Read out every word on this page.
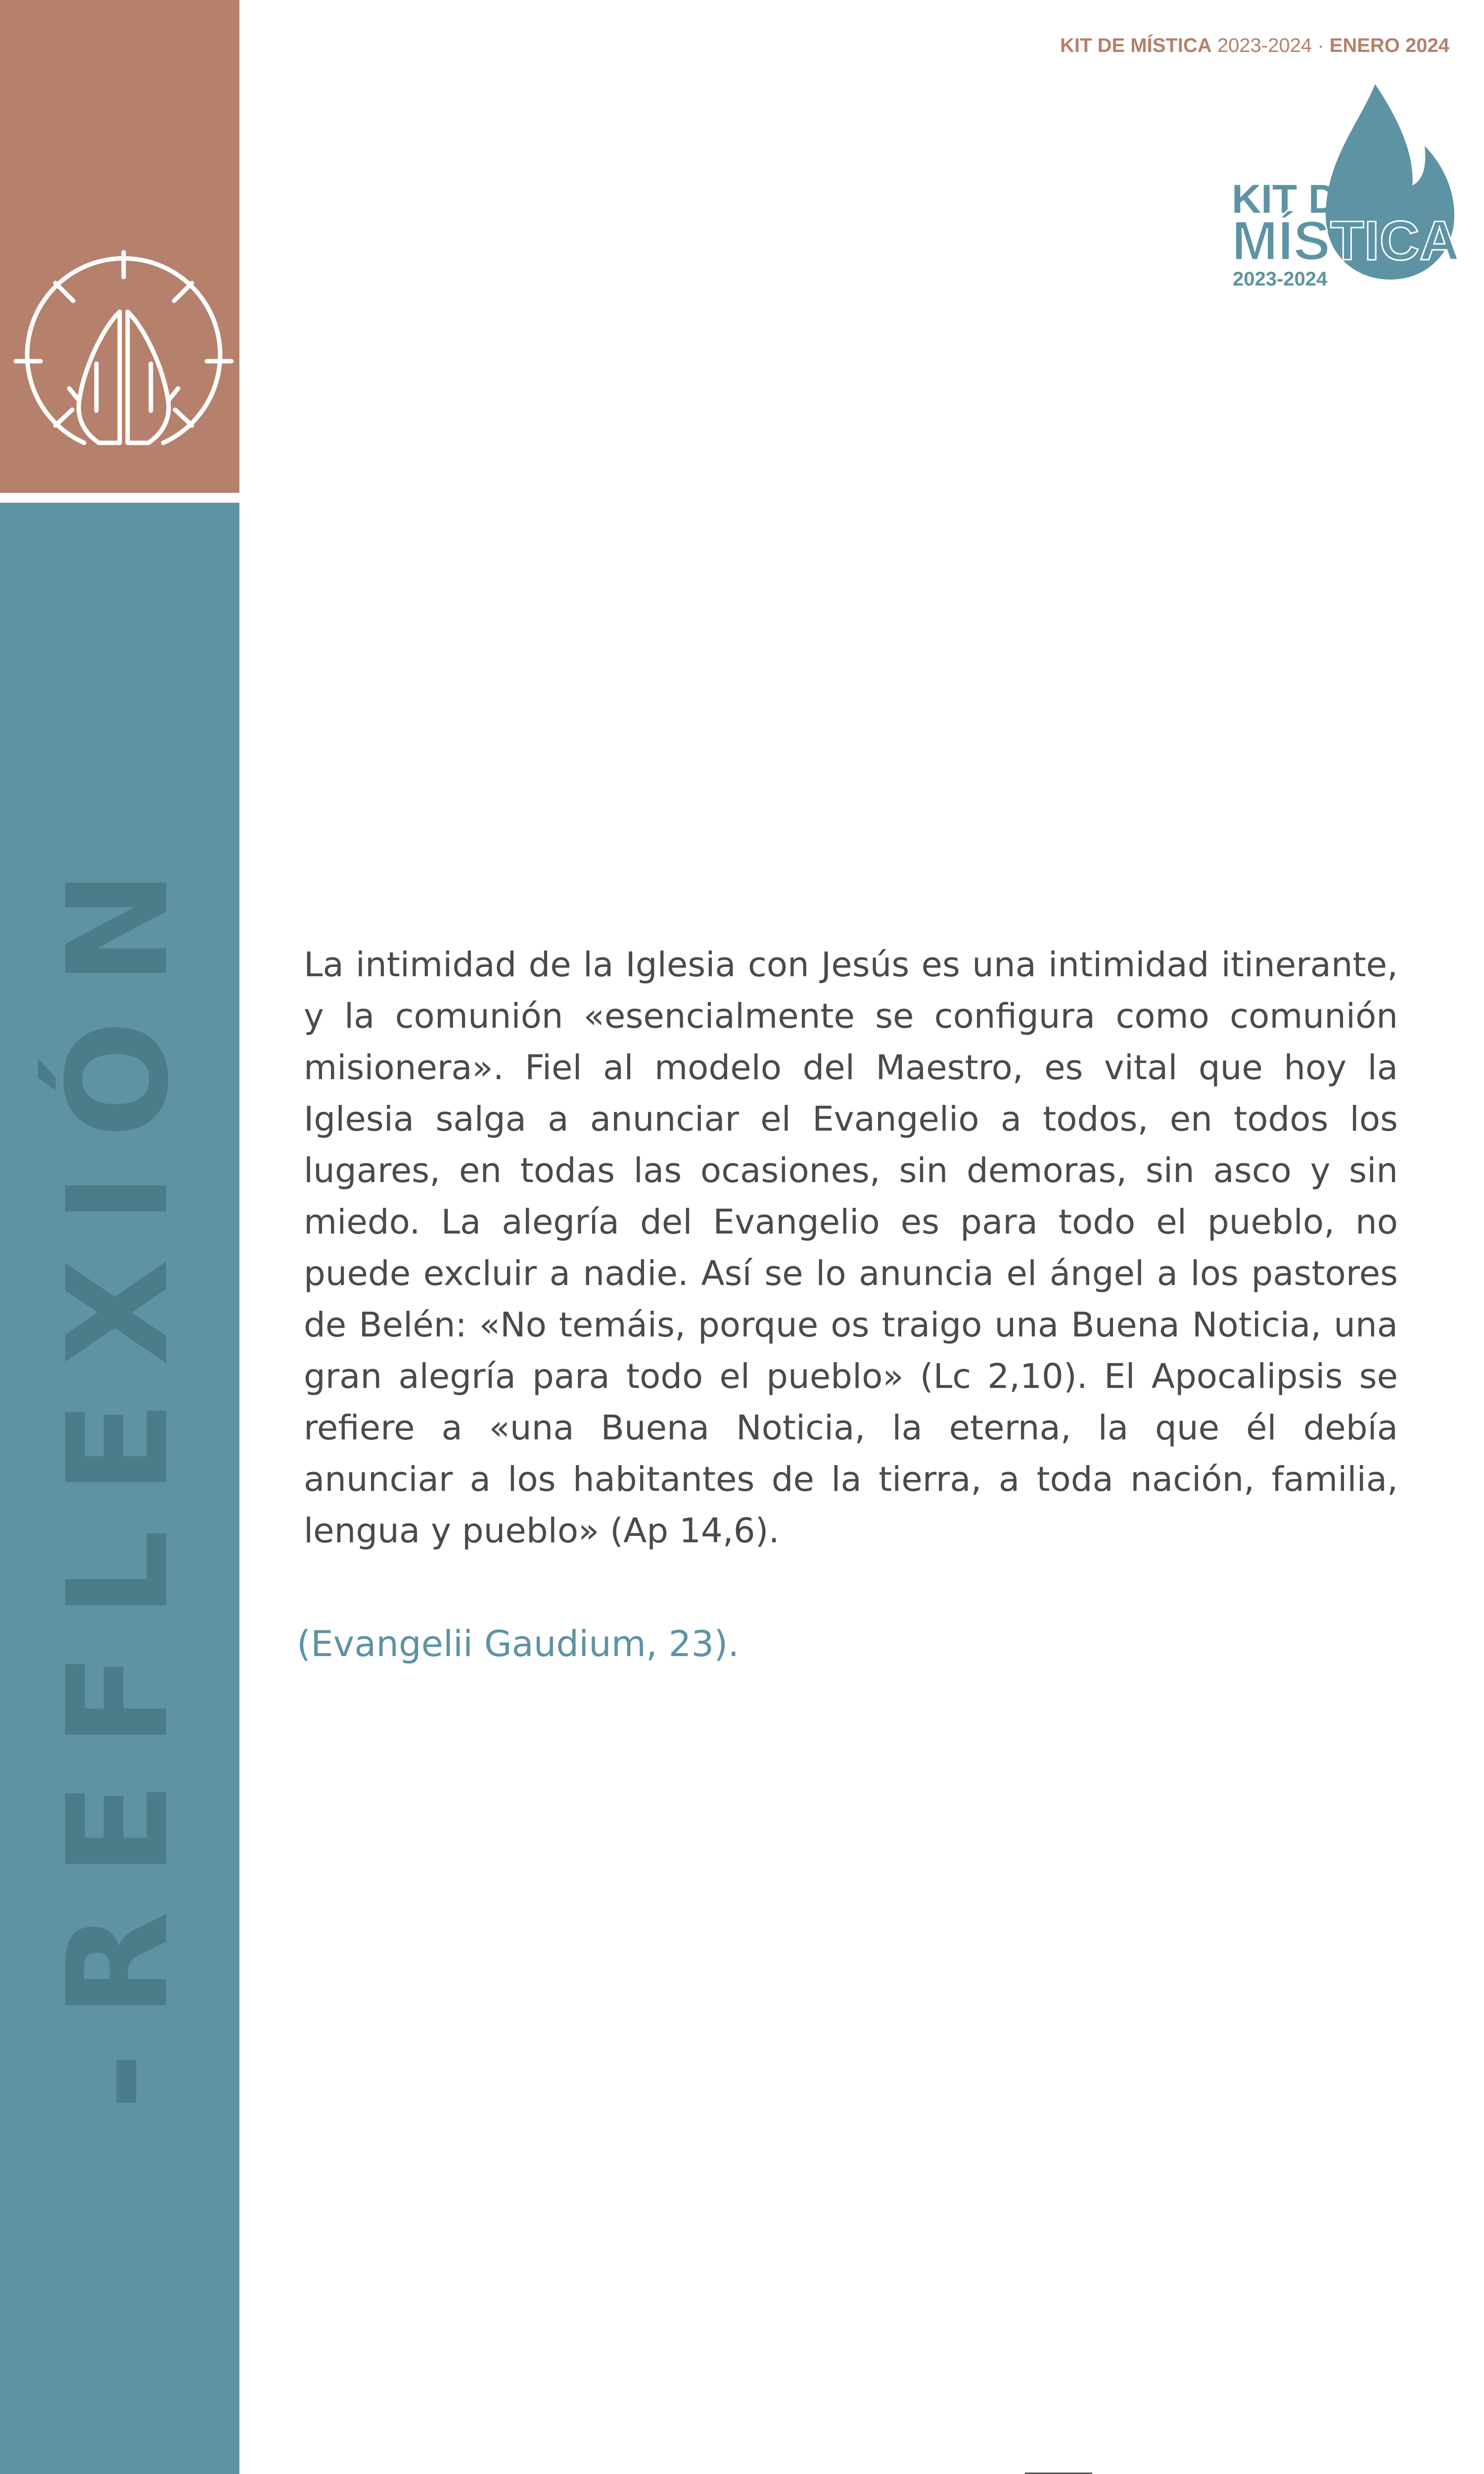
-REFLEXIÓN
KIT DE MÍSTICA 2023-2024 · ENERO 2024
KIT DE
MÍSTICA
2023-2024

La intimidad de la Iglesia con Jesús es una intimidad itinerante, y la comunión «esencialmente se configura como comunión misionera». Fiel al modelo del Maestro, es vital que hoy la Iglesia salga a anunciar el Evangelio a todos, en todos los lugares, en todas las ocasiones, sin demoras, sin asco y sin miedo. La alegría del Evangelio es para todo el pueblo, no puede excluir a nadie. Así se lo anuncia el ángel a los pastores de Belén: «No temáis, porque os traigo una Buena Noticia, una gran alegría para todo el pueblo» (Lc 2,10). El Apocalipsis se refiere a «una Buena Noticia, la eterna, la que él debía anunciar a los habitantes de la tierra, a toda nación, familia, lengua y pueblo» (Ap 14,6).

(Evangelii Gaudium, 23).
